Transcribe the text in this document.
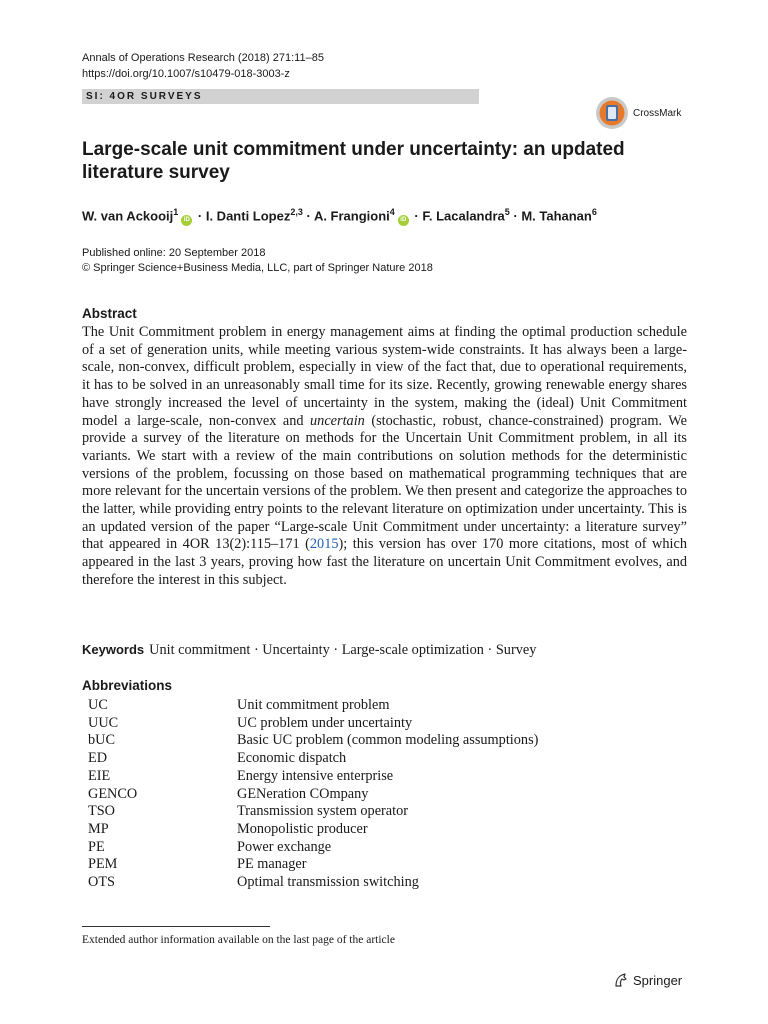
Annals of Operations Research (2018) 271:11–85
https://doi.org/10.1007/s10479-018-3003-z
SI: 4OR SURVEYS
CrossMark
Large-scale unit commitment under uncertainty: an updated literature survey
W. van Ackooij$^1$iD · I. Danti Lopez$^{2,3}$ · A. Frangioni$^4$iD · F. Lacalandra$^5$ · M. Tahanan$^6$
Published online: 20 September 2018
© Springer Science+Business Media, LLC, part of Springer Nature 2018
Abstract

The Unit Commitment problem in energy management aims at finding the optimal production schedule of a set of generation units, while meeting various system-wide constraints. It has always been a large-scale, non-convex, difficult problem, especially in view of the fact that, due to operational requirements, it has to be solved in an unreasonably small time for its size. Recently, growing renewable energy shares have strongly increased the level of uncertainty in the system, making the (ideal) Unit Commitment model a large-scale, non-convex and uncertain (stochastic, robust, chance-constrained) program. We provide a survey of the literature on methods for the Uncertain Unit Commitment problem, in all its variants. We start with a review of the main contributions on solution methods for the deterministic versions of the problem, focussing on those based on mathematical programming techniques that are more relevant for the uncertain versions of the problem. We then present and categorize the approaches to the latter, while providing entry points to the relevant literature on optimization under uncertainty. This is an updated version of the paper “Large-scale Unit Commitment under uncertainty: a literature survey” that appeared in 4OR 13(2):115–171 (2015); this version has over 170 more citations, most of which appeared in the last 3 years, proving how fast the literature on uncertain Unit Commitment evolves, and therefore the interest in this subject.

Keywords Unit commitment · Uncertainty · Large-scale optimization · Survey
Abbreviations
UC	Unit commitment problem
UUC	UC problem under uncertainty
bUC	Basic UC problem (common modeling assumptions)
ED	Economic dispatch
EIE	Energy intensive enterprise
GENCO	GENeration COmpany
TSO	Transmission system operator
MP	Monopolistic producer
PE	Power exchange
PEM	PE manager
OTS	Optimal transmission switching
Extended author information available on the last page of the article
Springer
